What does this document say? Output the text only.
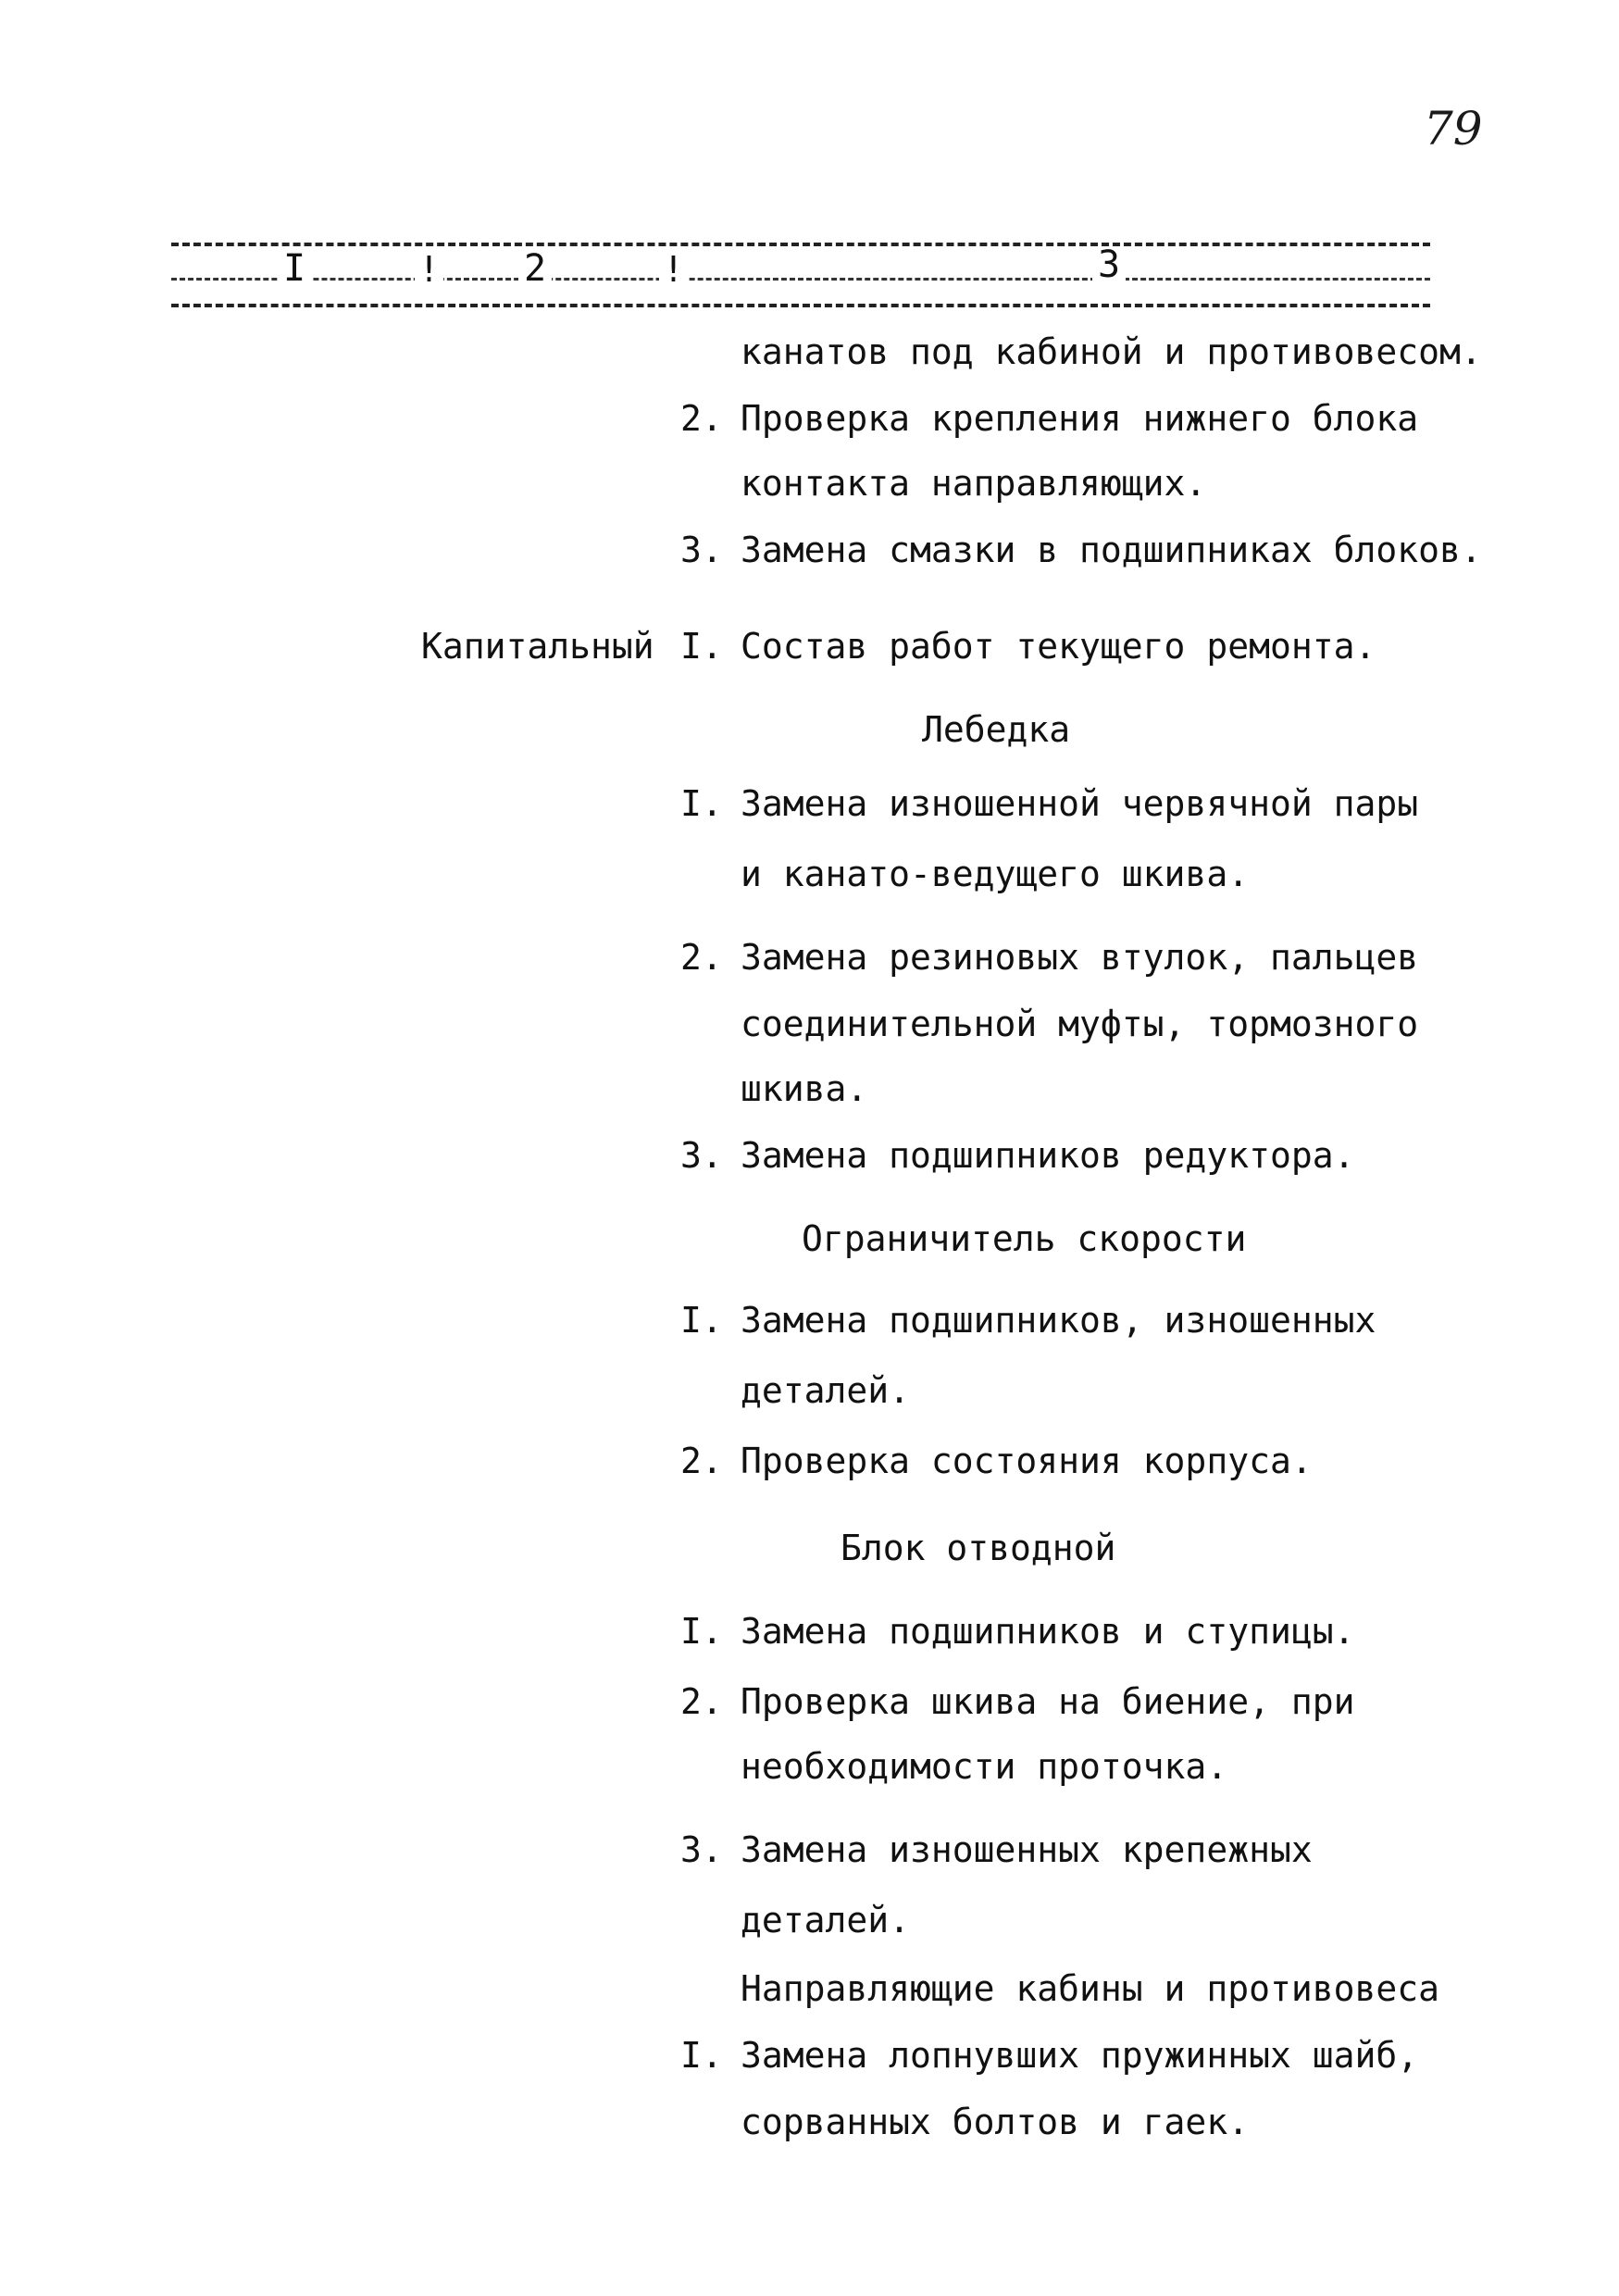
79
I	! 2	!	3
канатов под кабиной и противовесом.
2. Проверка крепления нижнего блока
контакта направляющих.
3. Замена смазки в подшипниках блоков.
Капитальный I. Состав работ текущего ремонта.
Лебедка
I. Замена изношенной червячной пары
и канато-ведущего шкива.
2. Замена резиновых втулок, пальцев
соединительной муфты, тормозного
шкива.
3. Замена подшипников редуктора.
Ограничитель скорости
I. Замена подшипников, изношенных
деталей.
2. Проверка состояния корпуса.
Блок отводной
I. Замена подшипников и ступицы.
2. Проверка шкива на биение, при
необходимости проточка.
3. Замена изношенных крепежных
деталей.
Направляющие кабины и противовеса
I. Замена лопнувших пружинных шайб,
сорванных болтов и гаек.
